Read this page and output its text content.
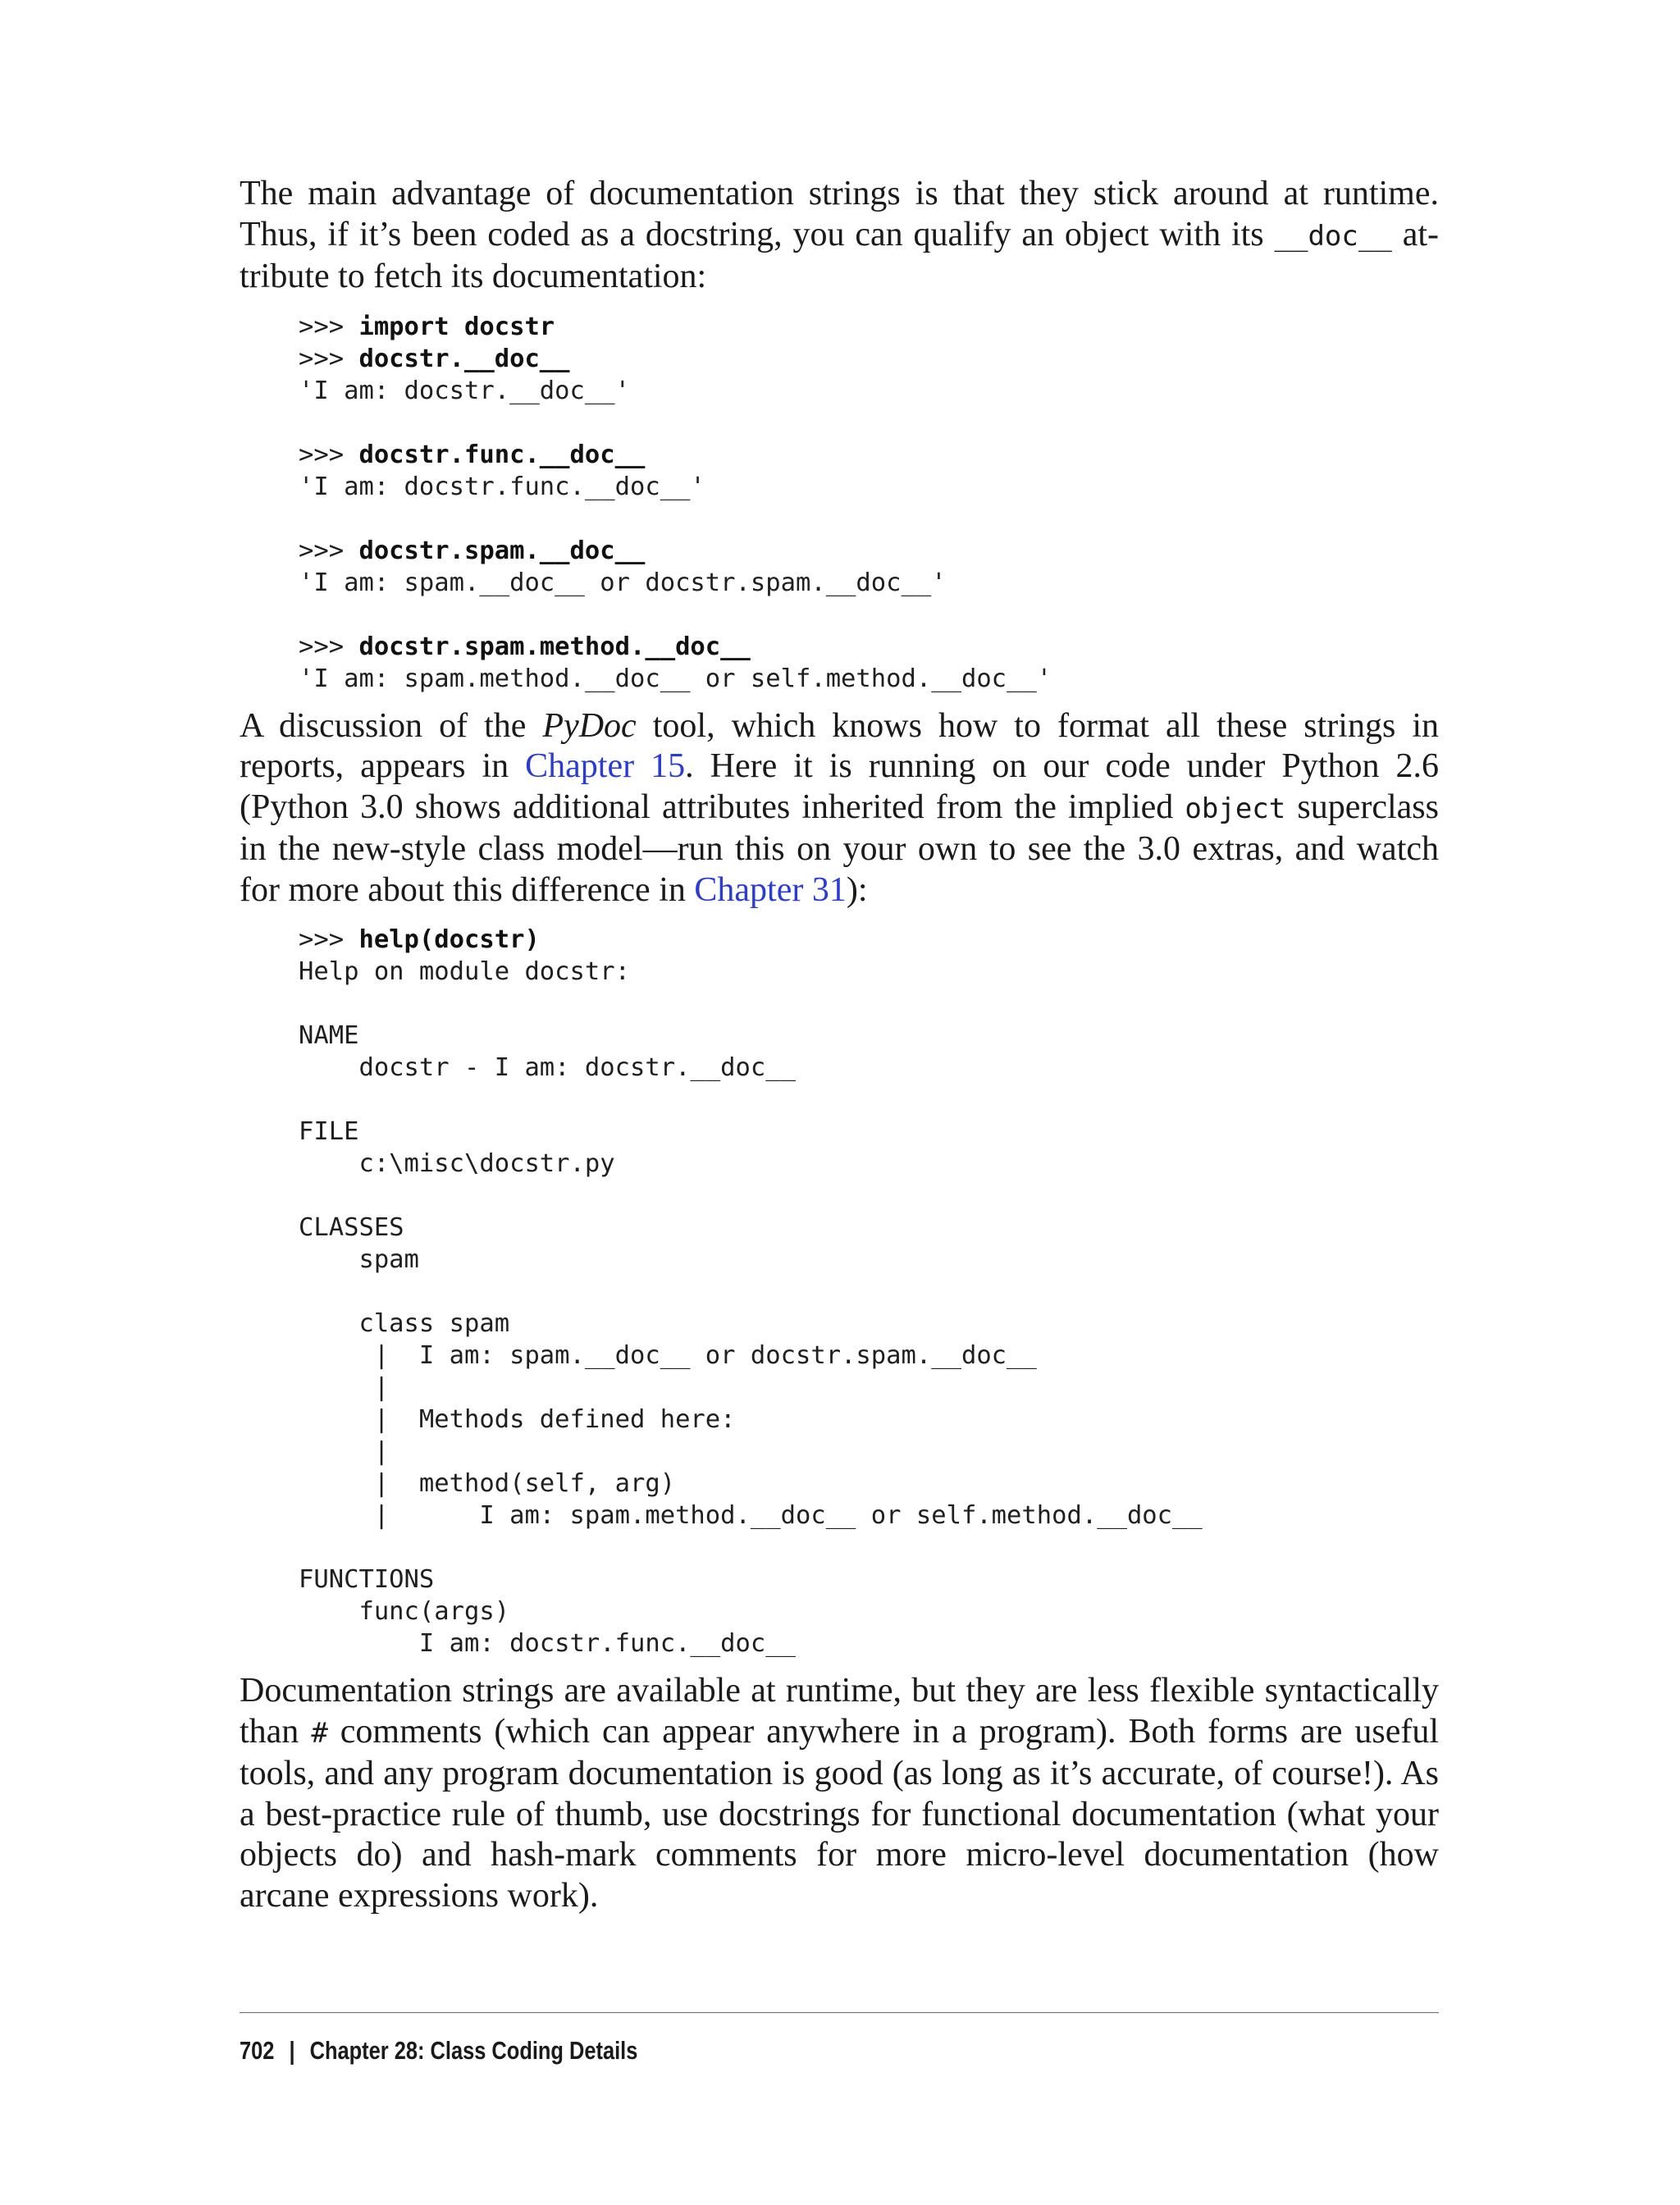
The main advantage of documentation strings is that they stick around at runtime. Thus, if it’s been coded as a docstring, you can qualify an object with its __doc__ attribute to fetch its documentation:

>>> import docstr
>>> docstr.__doc__
'I am: docstr.__doc__'

>>> docstr.func.__doc__
'I am: docstr.func.__doc__'

>>> docstr.spam.__doc__
'I am: spam.__doc__ or docstr.spam.__doc__'

>>> docstr.spam.method.__doc__
'I am: spam.method.__doc__ or self.method.__doc__'

A discussion of the PyDoc tool, which knows how to format all these strings in reports, appears in Chapter 15. Here it is running on our code under Python 2.6 (Python 3.0 shows additional attributes inherited from the implied object superclass in the new-style class model—run this on your own to see the 3.0 extras, and watch for more about this difference in Chapter 31):

>>> help(docstr)
Help on module docstr:

NAME
docstr - I am: docstr.__doc__

FILE
c:\misc\docstr.py

CLASSES
spam

class spam
|  I am: spam.__doc__ or docstr.spam.__doc__
|
|  Methods defined here:
|
|  method(self, arg)
|      I am: spam.method.__doc__ or self.method.__doc__

FUNCTIONS
func(args)
I am: docstr.func.__doc__

Documentation strings are available at runtime, but they are less flexible syntactically than # comments (which can appear anywhere in a program). Both forms are useful tools, and any program documentation is good (as long as it’s accurate, of course!). As a best-practice rule of thumb, use docstrings for functional documentation (what your objects do) and hash-mark comments for more micro-level documentation (how arcane expressions work).

702 | Chapter 28: Class Coding Details
